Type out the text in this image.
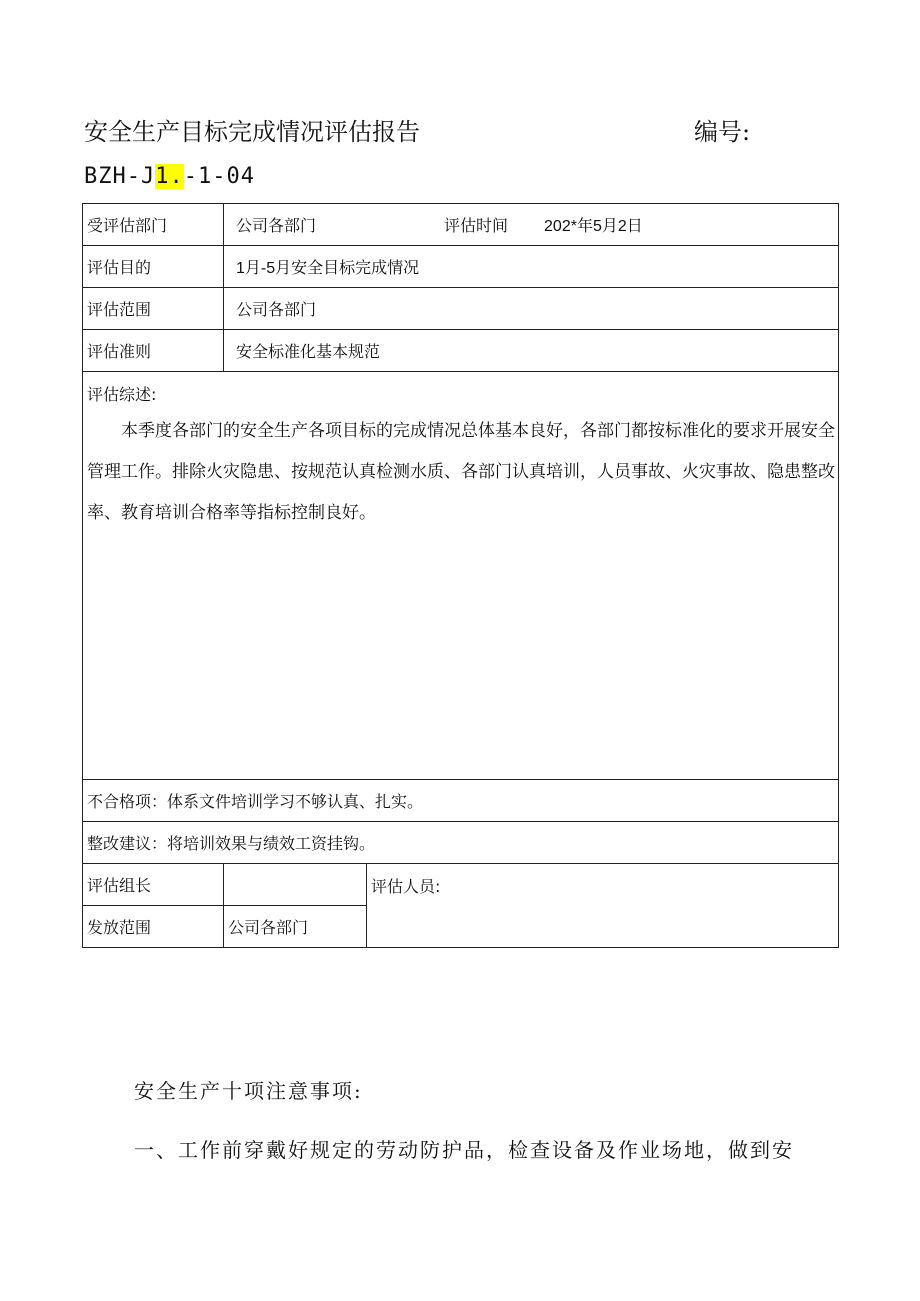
安全生产目标完成情况评估报告	编号:
BZH-J1.-1-04
受评估部门	公司各部门 评估时间 202*年5月2日	
评估目的	1月-5月安全目标完成情况	
评估范围	公司各部门	
评估准则	安全标准化基本规范	

评估综述:
本季度各部门的安全生产各项目标的完成情况总体基本良好，各部门都按标准化的要求开展安全管理工作。排除火灾隐患、按规范认真检测水质、各部门认真培训，人员事故、火灾事故、隐患整改率、教育培训合格率等指标控制良好。		

不合格项：体系文件培训学习不够认真、扎实。		
整改建议：将培训效果与绩效工资挂钩。		
评估组长		评估人员:
发放范围	公司各部门	
安全生产十项注意事项:
一、工作前穿戴好规定的劳动防护品，检查设备及作业场地，做到安
